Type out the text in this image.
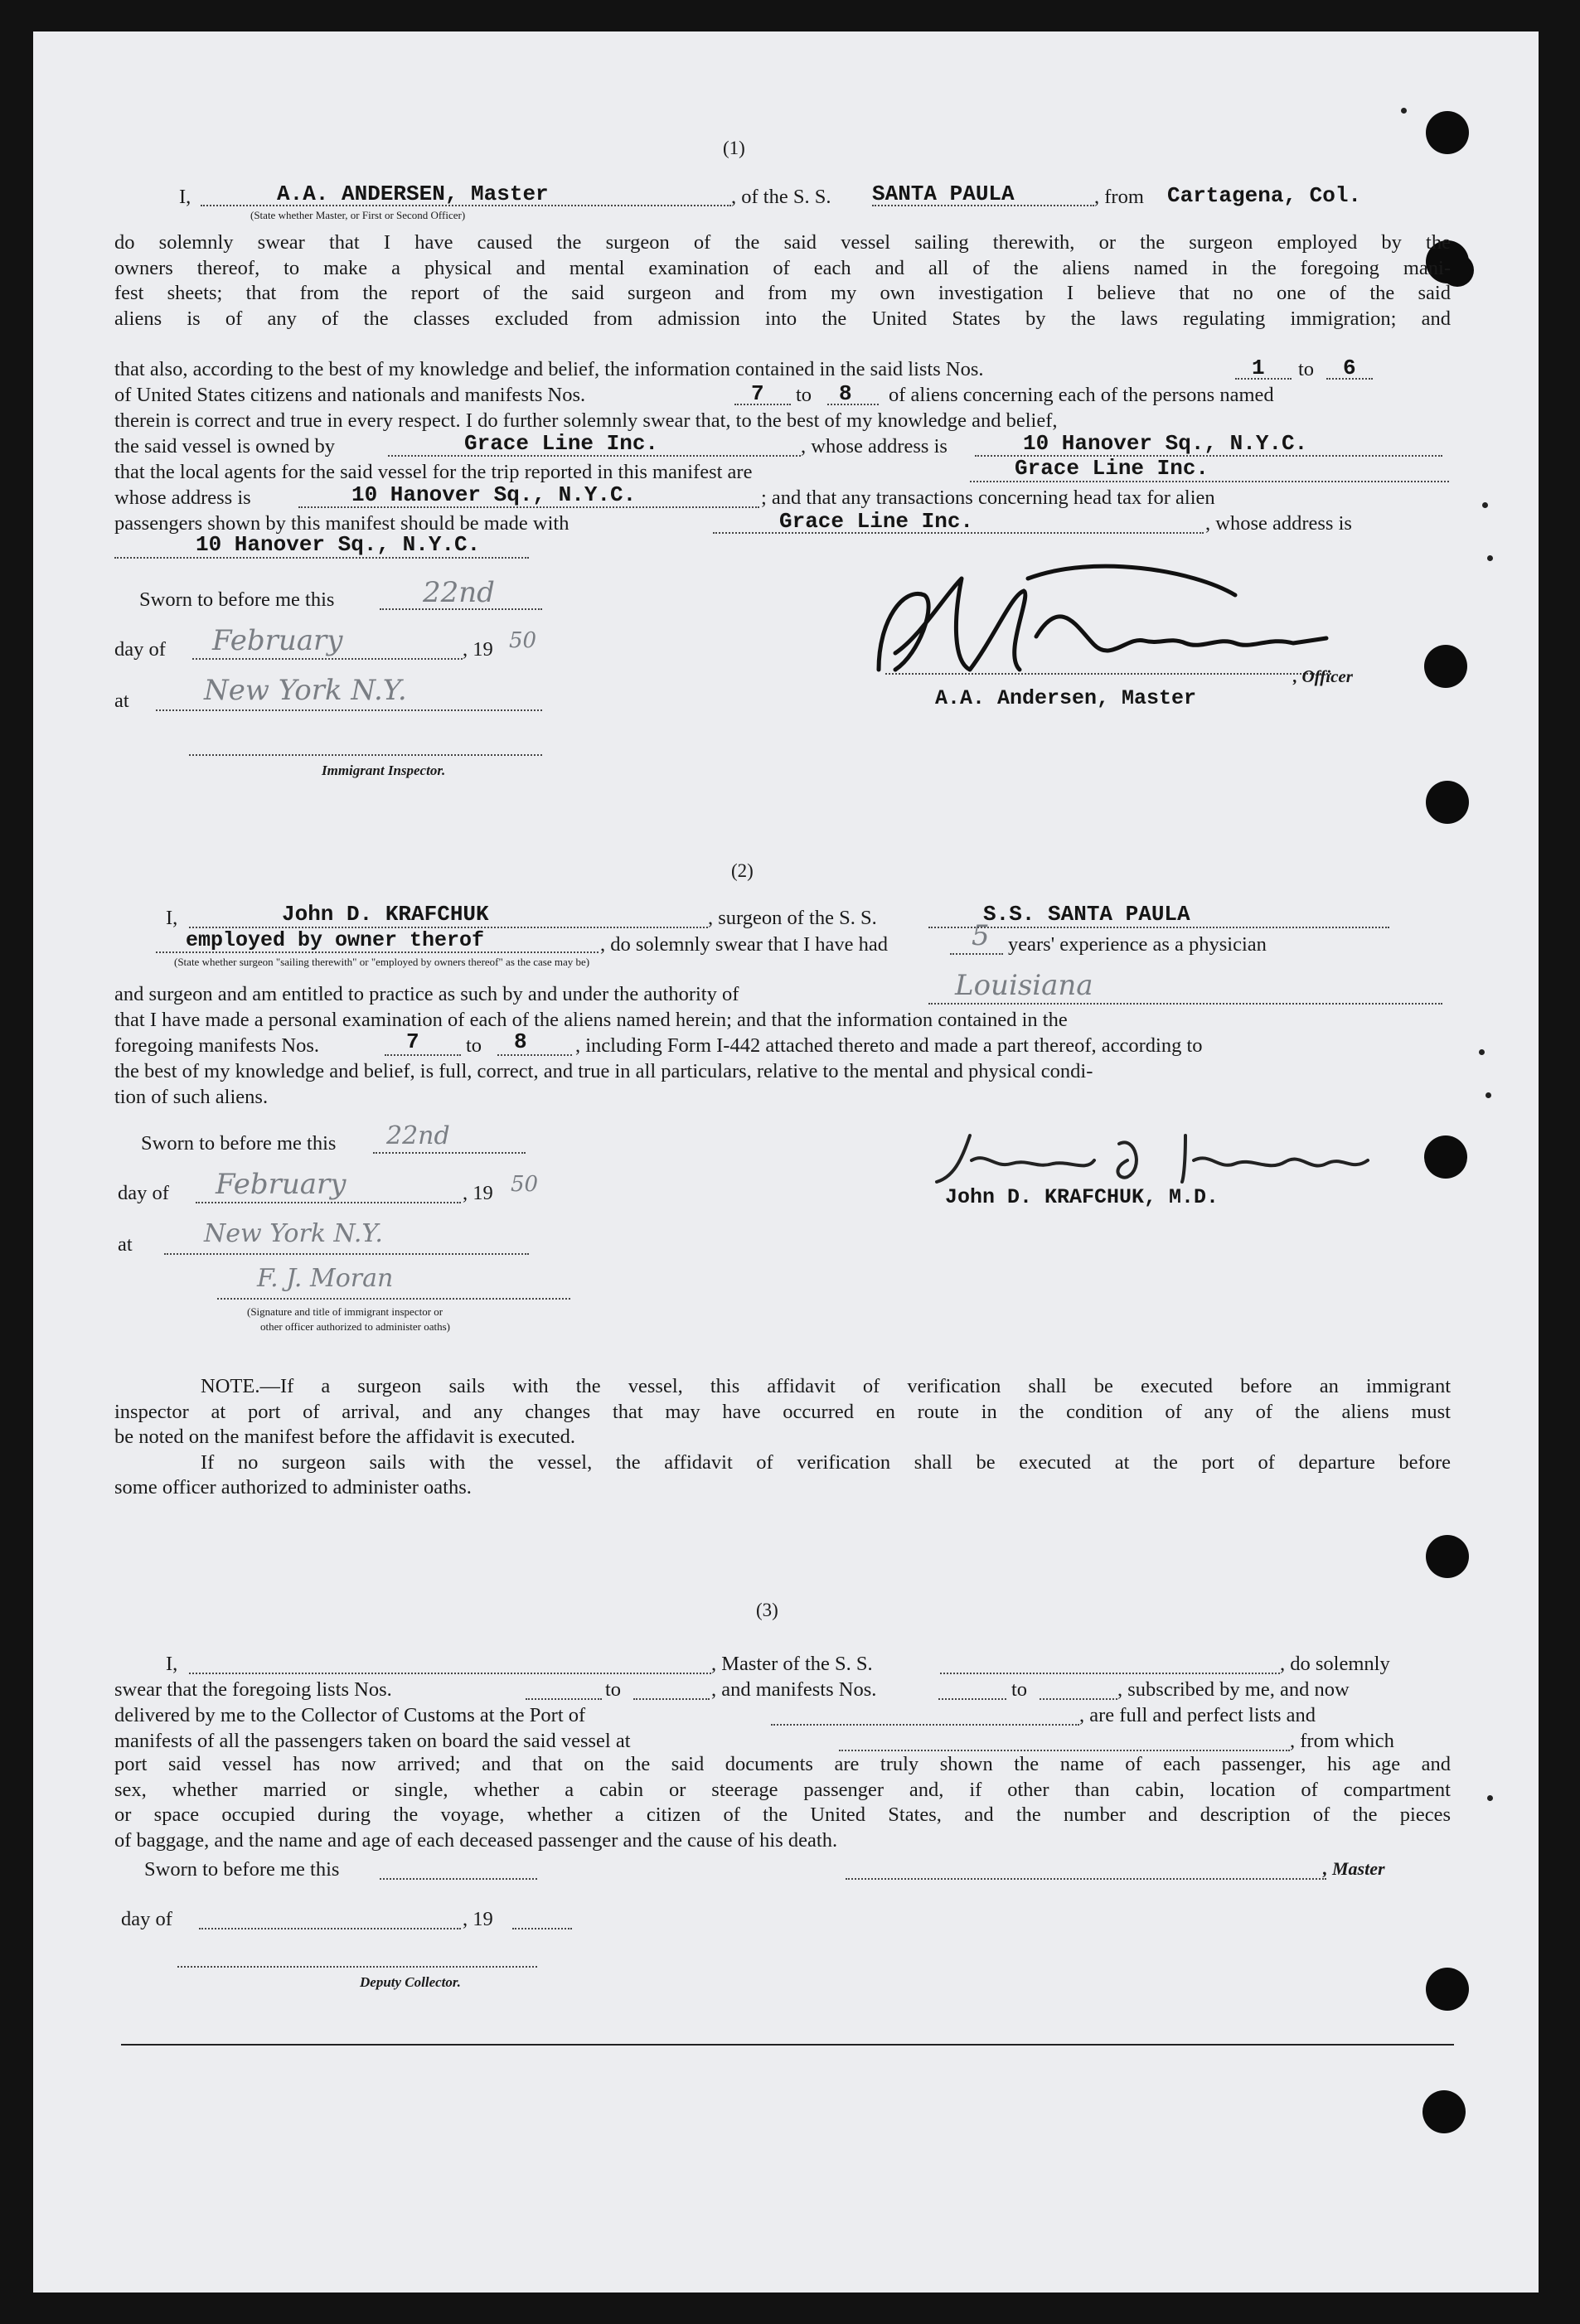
(1)
I,	A.A. ANDERSEN, Master
(State whether Master, or First or Second Officer)
, of the S. S. SANTA PAULA	, from Cartagena, Col.
do solemnly swear that I have caused the surgeon of the said vessel sailing therewith, or the surgeon employed by the
owners thereof, to make a physical and mental examination of each and all of the aliens named in the foregoing mani-
fest sheets; that from the report of the said surgeon and from my own investigation I believe that no one of the said
aliens is of any of the classes excluded from admission into the United States by the laws regulating immigration; and
that also, according to the best of my knowledge and belief, the information contained in the said lists Nos.	1 to 6
of United States citizens and nationals and manifests Nos.	7 to 8 of aliens concerning each of the persons named
therein is correct and true in every respect. I do further solemnly swear that, to the best of my knowledge and belief,
the said vessel is owned by	Grace Line Inc.	, whose address is	10 Hanover Sq., N.Y.C.
that the local agents for the said vessel for the trip reported in this manifest are	Grace Line Inc.
whose address is	10 Hanover Sq., N.Y.C.	; and that any transactions concerning head tax for alien
passengers shown by this manifest should be made with	Grace Line Inc.	, whose address is
10 Hanover Sq., N.Y.C.
Sworn to before me this	22nd
day of February	, 19 50
at	New York N.Y.
Immigrant Inspector.
, Officer
A.A. Andersen, Master
(2)
I,	John D. KRAFCHUK	, surgeon of the S. S.	S.S. SANTA PAULA
employed by owner therof
(State whether surgeon "sailing therewith" or "employed by owners thereof" as the case may be)
, do solemnly swear that I have had	5 years' experience as a physician
and surgeon and am entitled to practice as such by and under the authority of	Louisiana
that I have made a personal examination of each of the aliens named herein; and that the information contained in the
foregoing manifests Nos.	7 to 8 , including Form I-442 attached thereto and made a part thereof, according to
the best of my knowledge and belief, is full, correct, and true in all particulars, relative to the mental and physical condi-
tion of such aliens.
Sworn to before me this 22nd
day of February	, 19 50
at	New York N.Y.
F. J. Moran
(Signature and title of immigrant inspector or
other officer authorized to administer oaths)
John D. KRAFCHUK, M.D.
NOTE.—If a surgeon sails with the vessel, this affidavit of verification shall be executed before an immigrant
inspector at port of arrival, and any changes that may have occurred en route in the condition of any of the aliens must
be noted on the manifest before the affidavit is executed.
If no surgeon sails with the vessel, the affidavit of verification shall be executed at the port of departure before
some officer authorized to administer oaths.
(3)
I,	, Master of the S. S.	, do solemnly
swear that the foregoing lists Nos.	to	, and manifests Nos.	to	, subscribed by me, and now
delivered by me to the Collector of Customs at the Port of	, are full and perfect lists and
manifests of all the passengers taken on board the said vessel at	, from which
port said vessel has now arrived; and that on the said documents are truly shown the name of each passenger, his age and
sex, whether married or single, whether a cabin or steerage passenger and, if other than cabin, location of compartment
or space occupied during the voyage, whether a citizen of the United States, and the number and description of the pieces
of baggage, and the name and age of each deceased passenger and the cause of his death.
Sworn to before me this	, Master
day of	, 19
Deputy Collector.
